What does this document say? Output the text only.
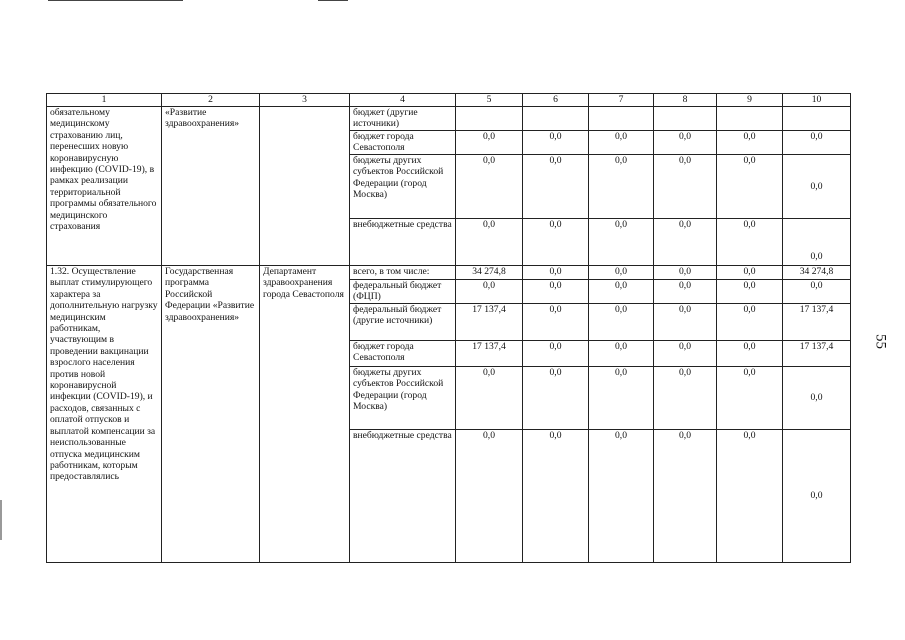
55
1	2	3	4	5	6	7	8	9	10
обязательному медицинскому страхованию лиц, перенесших новую коронавирусную инфекцию (COVID-19), в рамках реализации территориальной программы обязательного медицинского страхования	«Развитие здравоохранения»		бюджет (другие источники)						
			бюджет города Севастополя	0,0	0,0	0,0	0,0	0,0	0,0
			бюджеты других субъектов Российской Федерации (город Москва)	0,0	0,0	0,0	0,0	0,0	0,0
			внебюджетные средства	0,0	0,0	0,0	0,0	0,0	0,0
1.32. Осуществление выплат стимулирующего характера за дополнительную нагрузку медицинским работникам, участвующим в проведении вакцинации взрослого населения против новой коронавирусной инфекции (COVID-19), и расходов, связанных с оплатой отпусков и выплатой компенсации за неиспользованные отпуска медицинским работникам, которым предоставлялись	Государственная программа Российской Федерации «Развитие здравоохранения»	Департамент здравоохранения города Севастополя	всего, в том числе:	34 274,8	0,0	0,0	0,0	0,0	34 274,8
			федеральный бюджет (ФЦП)	0,0	0,0	0,0	0,0	0,0	0,0
			федеральный бюджет (другие источники)	17 137,4	0,0	0,0	0,0	0,0	17 137,4
			бюджет города Севастополя	17 137,4	0,0	0,0	0,0	0,0	17 137,4
			бюджеты других субъектов Российской Федерации (город Москва)	0,0	0,0	0,0	0,0	0,0	0,0
			внебюджетные средства	0,0	0,0	0,0	0,0	0,0	0,0
